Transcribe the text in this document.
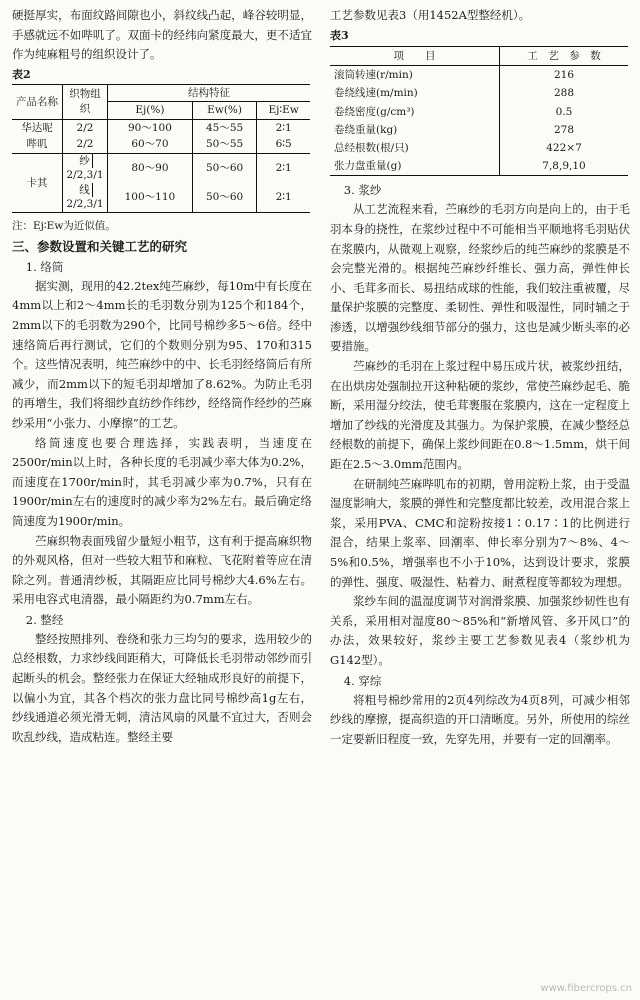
硬挺厚实，布面纹路间隙也小，斜纹线凸起，峰谷较明显，手感就远不如哔叽了。双面卡的经纬向紧度最大，更不适宜作为纯麻粗号的组织设计了。

表2
产品名称	织物组织	结构特征		
		Ej(%)	Ew(%)	Ej∶Ew
华达呢	2/2	90～100	45～55	2∶1
哔叽	2/2	60～70	50～55	6∶5
卡其	纱2/2,3/1	80～90	50～60	2∶1
	线2/2,3/1	100～110	50～60	2∶1
注：Ej∶Ew为近似值。
三、参数设置和关键工艺的研究
1. 络筒

据实测，现用的42.2tex纯苎麻纱，每10m中有长度在4mm以上和2～4mm长的毛羽数分别为125个和184个，2mm以下的毛羽数为290个，比同号棉纱多5～6倍。经中速络筒后再行测试，它们的个数则分别为95、170和315个。这些情况表明，纯苎麻纱中的中、长毛羽经络筒后有所减少，而2mm以下的短毛羽却增加了8.62%。为防止毛羽的再增生，我们将细纱直纺纱作纬纱，经络筒作经纱的苎麻纱采用“小张力、小摩擦”的工艺。

络筒速度也要合理选择，实践表明，当速度在2500r/min以上时，各种长度的毛羽减少率大体为0.2%，而速度在1700r/min时，其毛羽减少率为0.7%，只有在1900r/min左右的速度时的减少率为2%左右。最后确定络筒速度为1900r/min。

苎麻织物表面残留少量短小粗节，这有利于提高麻织物的外观风格，但对一些较大粗节和麻粒、飞花附着等应在清除之列。普通清纱板，其隔距应比同号棉纱大4.6%左右。采用电容式电清器，最小隔距约为0.7mm左右。

2. 整经

整经按照排列、卷绕和张力三均匀的要求，选用较少的总经根数，力求纱线间距稍大，可降低长毛羽带动邻纱而引起断头的机会。整经张力在保证大经轴成形良好的前提下，以偏小为宜，其各个档次的张力盘比同号棉纱高1g左右，纱线通道必须光滑无刺，清洁风扇的风量不宜过大，否则会吹乱纱线，造成粘连。整经主要

工艺参数见表3（用1452A型整经机）。

表3
项　　目	工　艺　参　数
滚筒转速(r/min)	216
卷绕线速(m/min)	288
卷绕密度(g/cm³)	0.5
卷绕重量(kg)	278
总经根数(根/只)	422×7
张力盘重量(g)	7,8,9,10
3. 浆纱

从工艺流程来看，苎麻纱的毛羽方向是向上的，由于毛羽本身的挠性，在浆纱过程中不可能相当平顺地将毛羽贴伏在浆膜内，从微观上观察，经浆纱后的纯苎麻纱的浆膜是不会完整光滑的。根据纯苎麻纱纤维长、强力高，弹性伸长小、毛茸多而长、易扭结成球的性能，我们较注重被覆，尽量保护浆膜的完整度、柔韧性、弹性和吸湿性，同时辅之于渗透，以增强纱线细节部分的强力，这也是减少断头率的必要措施。

苎麻纱的毛羽在上浆过程中易压成片状，被浆纱扭结，在出烘房处强制拉开这种粘硬的浆纱，常使苎麻纱起毛、脆断，采用湿分绞法，使毛茸裹服在浆膜内，这在一定程度上增加了纱线的光滑度及其强力。为保护浆膜，在减少整经总经根数的前提下，确保上浆纱间距在0.8～1.5mm，烘干间距在2.5～3.0mm范围内。

在研制纯苎麻哔叽布的初期，曾用淀粉上浆，由于受温湿度影响大，浆膜的弹性和完整度都比较差，改用混合浆上浆，采用PVA、CMC和淀粉按接1∶0.17∶1的比例进行混合，结果上浆率、回潮率、伸长率分别为7～8%、4～5%和0.5%，增强率也不小于10%，达到设计要求，浆膜的弹性、强度、吸湿性、粘着力、耐煮程度等都较为理想。

浆纱车间的温湿度调节对润滑浆膜、加强浆纱韧性也有关系，采用相对湿度80～85%和“新增风管、多开风口”的办法，效果较好，浆纱主要工艺参数见表4（浆纱机为G142型）。

4. 穿综

将粗号棉纱常用的2页4列综改为4页8列，可减少相邻纱线的摩擦，提高织造的开口清晰度。另外，所使用的综丝一定要新旧程度一致，先穿先用，并要有一定的回潮率。

www.fibercrops.cn
